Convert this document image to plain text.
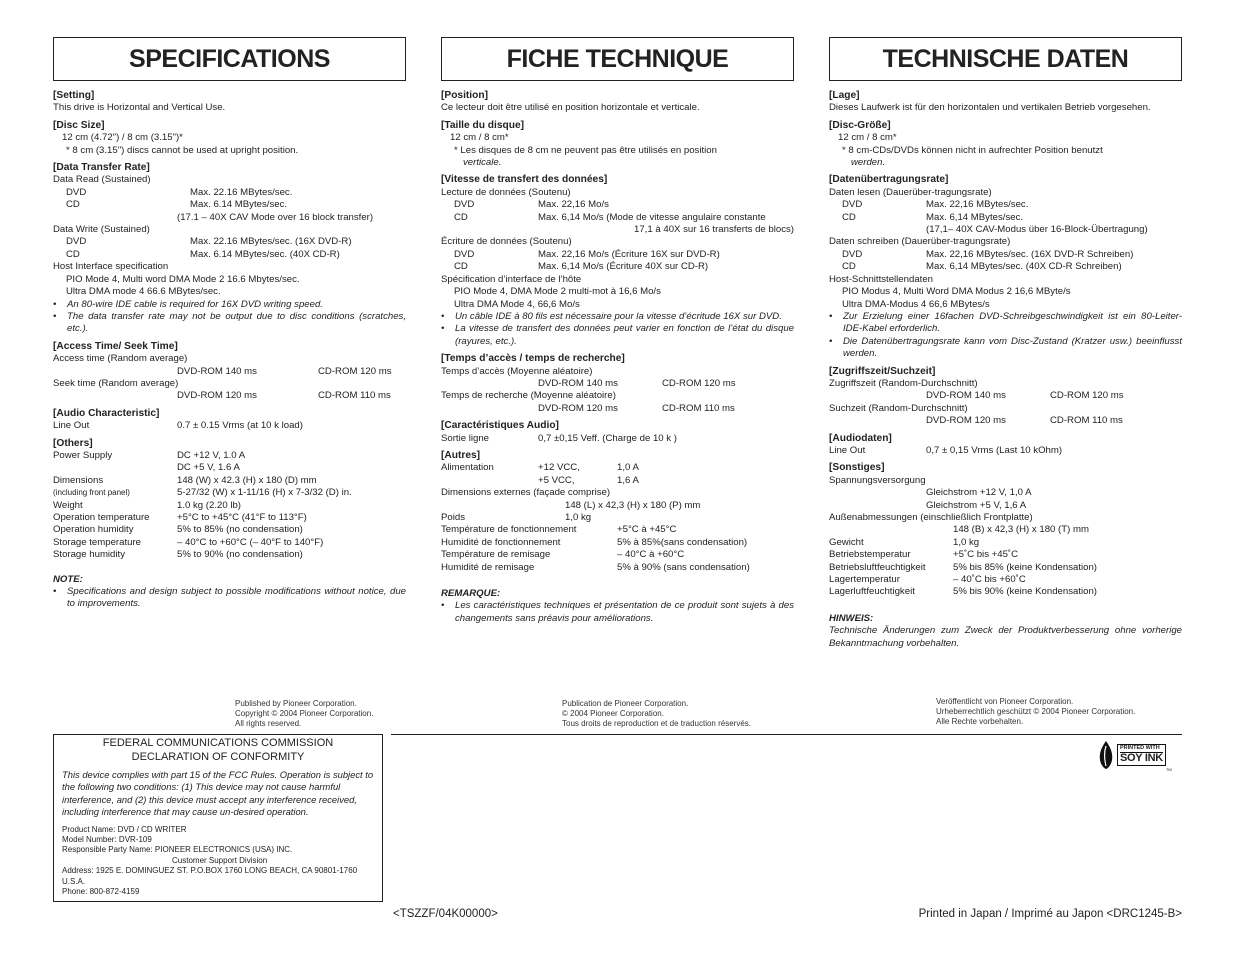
SPECIFICATIONS
[Setting]
This drive is Horizontal and Vertical Use.
[Disc Size]
12 cm (4.72") / 8 cm (3.15")*
* 8 cm (3.15") discs cannot be used at upright position.
[Data Transfer Rate]
Data Read (Sustained)
DVD	Max. 22.16 MBytes/sec.
CD	Max. 6.14 MBytes/sec.
(17.1 – 40X CAV Mode over 16 block transfer)
Data Write (Sustained)
DVD	Max. 22.16 MBytes/sec. (16X DVD-R)
CD	Max. 6.14 MBytes/sec. (40X CD-R)
Host Interface specification
PIO Mode 4, Multi word DMA Mode 2 16.6 Mbytes/sec.
Ultra DMA mode 4 66.6 MBytes/sec.
•	An 80-wire IDE cable is required for 16X DVD writing speed.
•	The data transfer rate may not be output due to disc conditions (scratches, etc.).
[Access Time/ Seek Time]
Access time (Random average)
DVD-ROM 140 ms	CD-ROM 120 ms
Seek time (Random average)
DVD-ROM 120 ms	CD-ROM 110 ms
[Audio Characteristic]
Line Out	0.7 ± 0.15 Vrms (at 10 k load)
[Others]
Power Supply	DC +12 V, 1.0 A
DC +5 V, 1.6 A
Dimensions	148 (W) x 42.3 (H) x 180 (D) mm
(including front panel)	5-27/32 (W) x 1-11/16 (H) x 7-3/32 (D) in.
Weight	1.0 kg (2.20 lb)
Operation temperature	+5°C to +45°C (41°F to 113°F)
Operation humidity	5% to 85% (no condensation)
Storage temperature	– 40°C to +60°C (– 40°F to 140°F)
Storage humidity	5% to 90% (no condensation)
NOTE:
•	Specifications and design subject to possible modifications without notice, due to improvements.
FICHE TECHNIQUE
[Position]
Ce lecteur doit être utilisé en position horizontale et verticale.
[Taille du disque]
12 cm / 8 cm*
* Les disques de 8 cm ne peuvent pas être utilisés en position
verticale.
[Vitesse de transfert des données]
Lecture de données (Soutenu)
DVD	Max. 22,16 Mo/s
CD	Max. 6,14 Mo/s (Mode de vitesse angulaire constante
17,1 à 40X sur 16 transferts de blocs)
Écriture de données (Soutenu)
DVD	Max. 22,16 Mo/s (Écriture 16X sur DVD-R)
CD	Max. 6,14 Mo/s (Écriture 40X sur CD-R)
Spécification d’interface de l’hôte
PIO Mode 4, DMA Mode 2 multi-mot à 16,6 Mo/s
Ultra DMA Mode 4, 66,6 Mo/s
•	Un câble IDE à 80 fils est nécessaire pour la vitesse d’écritude 16X sur DVD.
•	La vitesse de transfert des données peut varier en fonction de l’état du disque (rayures, etc.).
[Temps d’accès / temps de recherche]
Temps d’accès (Moyenne aléatoire)
DVD-ROM 140 ms	CD-ROM 120 ms
Temps de recherche (Moyenne aléatoire)
DVD-ROM 120 ms	CD-ROM 110 ms
[Caractéristiques Audio]
Sortie ligne	0,7 ±0,15 Veff. (Charge de 10 k )
[Autres]
Alimentation	+12 VCC,	1,0 A
+5 VCC,	1,6 A
Dimensions externes (façade comprise)
148 (L) x 42,3 (H) x 180 (P) mm
Poids	1,0 kg
Température de fonctionnement	+5°C à +45°C
Humidité de fonctionnement	5% à 85%(sans condensation)
Température de remisage	– 40°C à +60°C
Humidité de remisage	5% à 90% (sans condensation)
REMARQUE:
•	Les caractéristiques techniques et présentation de ce produit sont sujets à des changements sans préavis pour améliorations.
TECHNISCHE DATEN
[Lage]
Dieses Laufwerk ist für den horizontalen und vertikalen Betrieb vorgesehen.
[Disc-Größe]
12 cm / 8 cm*
* 8 cm-CDs/DVDs können nicht in aufrechter Position benutzt
werden.
[Datenübertragungsrate]
Daten lesen (Dauerüber-tragungsrate)
DVD	Max. 22,16 MBytes/sec.
CD	Max. 6,14 MBytes/sec.
(17,1– 40X CAV-Modus über 16-Block-Übertragung)
Daten schreiben (Dauerüber-tragungsrate)
DVD	Max. 22,16 MBytes/sec. (16X DVD-R Schreiben)
CD	Max. 6,14 MBytes/sec. (40X CD-R Schreiben)
Host-Schnittstellendaten
PIO Modus 4, Multi Word DMA Modus 2 16,6 MByte/s
Ultra DMA-Modus 4 66,6 MBytes/s
•	Zur Erzielung einer 16fachen DVD-Schreibgeschwindigkeit ist ein 80-Leiter-IDE-Kabel erforderlich.
•	Die Datenübertragungsrate kann vom Disc-Zustand (Kratzer usw.) beeinflusst werden.
[Zugriffszeit/Suchzeit]
Zugriffszeit (Random-Durchschnitt)
DVD-ROM 140 ms	CD-ROM 120 ms
Suchzeit (Random-Durchschnitt)
DVD-ROM 120 ms	CD-ROM 110 ms
[Audiodaten]
Line Out	0,7 ± 0,15 Vrms (Last 10 kOhm)
[Sonstiges]
Spannungsversorgung
Gleichstrom +12 V, 1,0 A
Gleichstrom +5 V, 1,6 A
Außenabmessungen (einschließlich Frontplatte)
148 (B) x 42,3 (H) x 180 (T) mm
Gewicht	1,0 kg
Betriebstemperatur	+5˚C bis +45˚C
Betriebsluftfeuchtigkeit	5% bis 85% (keine Kondensation)
Lagertemperatur	– 40˚C bis +60˚C
Lagerluftfeuchtigkeit	5% bis 90% (keine Kondensation)
HINWEIS:
Technische Änderungen zum Zweck der Produktverbesserung ohne vorherige Bekanntmachung vorbehalten.
Published by Pioneer Corporation.
Copyright © 2004 Pioneer Corporation.
All rights reserved.
Publication de Pioneer Corporation.
© 2004 Pioneer Corporation.
Tous droits de reproduction et de traduction réservés.
Veröffentlicht von Pioneer Corporation.
Urheberrechtlich geschützt © 2004 Pioneer Corporation.
Alle Rechte vorbehalten.
FEDERAL COMMUNICATIONS COMMISSION
DECLARATION OF CONFORMITY
This device complies with part 15 of the FCC Rules. Operation is subject to the following two conditions: (1) This device may not cause harmful interference, and (2) this device must accept any interference received, including interference that may cause un-desired operation.
Product Name: DVD / CD WRITER
Model Number: DVR-109
Responsible Party Name: PIONEER ELECTRONICS (USA) INC.
Customer Support Division
Address: 1925 E. DOMINGUEZ ST. P.O.BOX 1760 LONG BEACH, CA 90801-1760 U.S.A.
Phone: 800-872-4159
PRINTED WITH
SOY INK
TM
<TSZZF/04K00000>	Printed in Japan / Imprimé au Japon <DRC1245-B>
